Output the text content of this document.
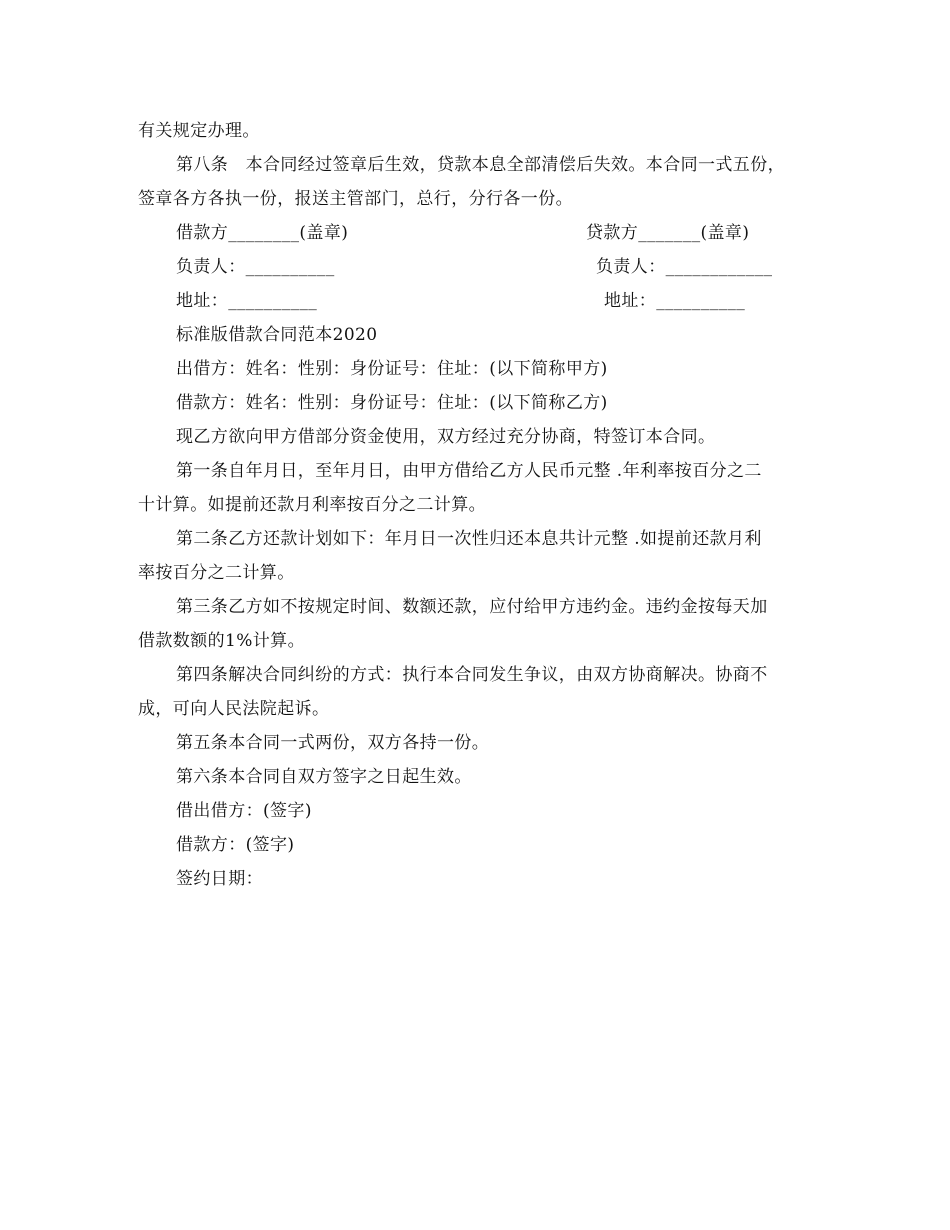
有关规定办理。
第八条　本合同经过签章后生效，贷款本息全部清偿后失效。本合同一式五份，
签章各方各执一份，报送主管部门，总行，分行各一份。
借款方________(盖章)	贷款方_______(盖章)
负责人：__________	负责人：____________
地址：__________	地址：__________
标准版借款合同范本2020
出借方：姓名：性别：身份证号：住址：(以下简称甲方)
借款方：姓名：性别：身份证号：住址：(以下简称乙方)
现乙方欲向甲方借部分资金使用，双方经过充分协商，特签订本合同。
第一条自年月日，至年月日，由甲方借给乙方人民币元整 .年利率按百分之二
十计算。如提前还款月利率按百分之二计算。
第二条乙方还款计划如下：年月日一次性归还本息共计元整 .如提前还款月利
率按百分之二计算。
第三条乙方如不按规定时间、数额还款，应付给甲方违约金。违约金按每天加
借款数额的1%计算。
第四条解决合同纠纷的方式：执行本合同发生争议，由双方协商解决。协商不
成，可向人民法院起诉。
第五条本合同一式两份，双方各持一份。
第六条本合同自双方签字之日起生效。
借出借方：(签字)
借款方：(签字)
签约日期：
